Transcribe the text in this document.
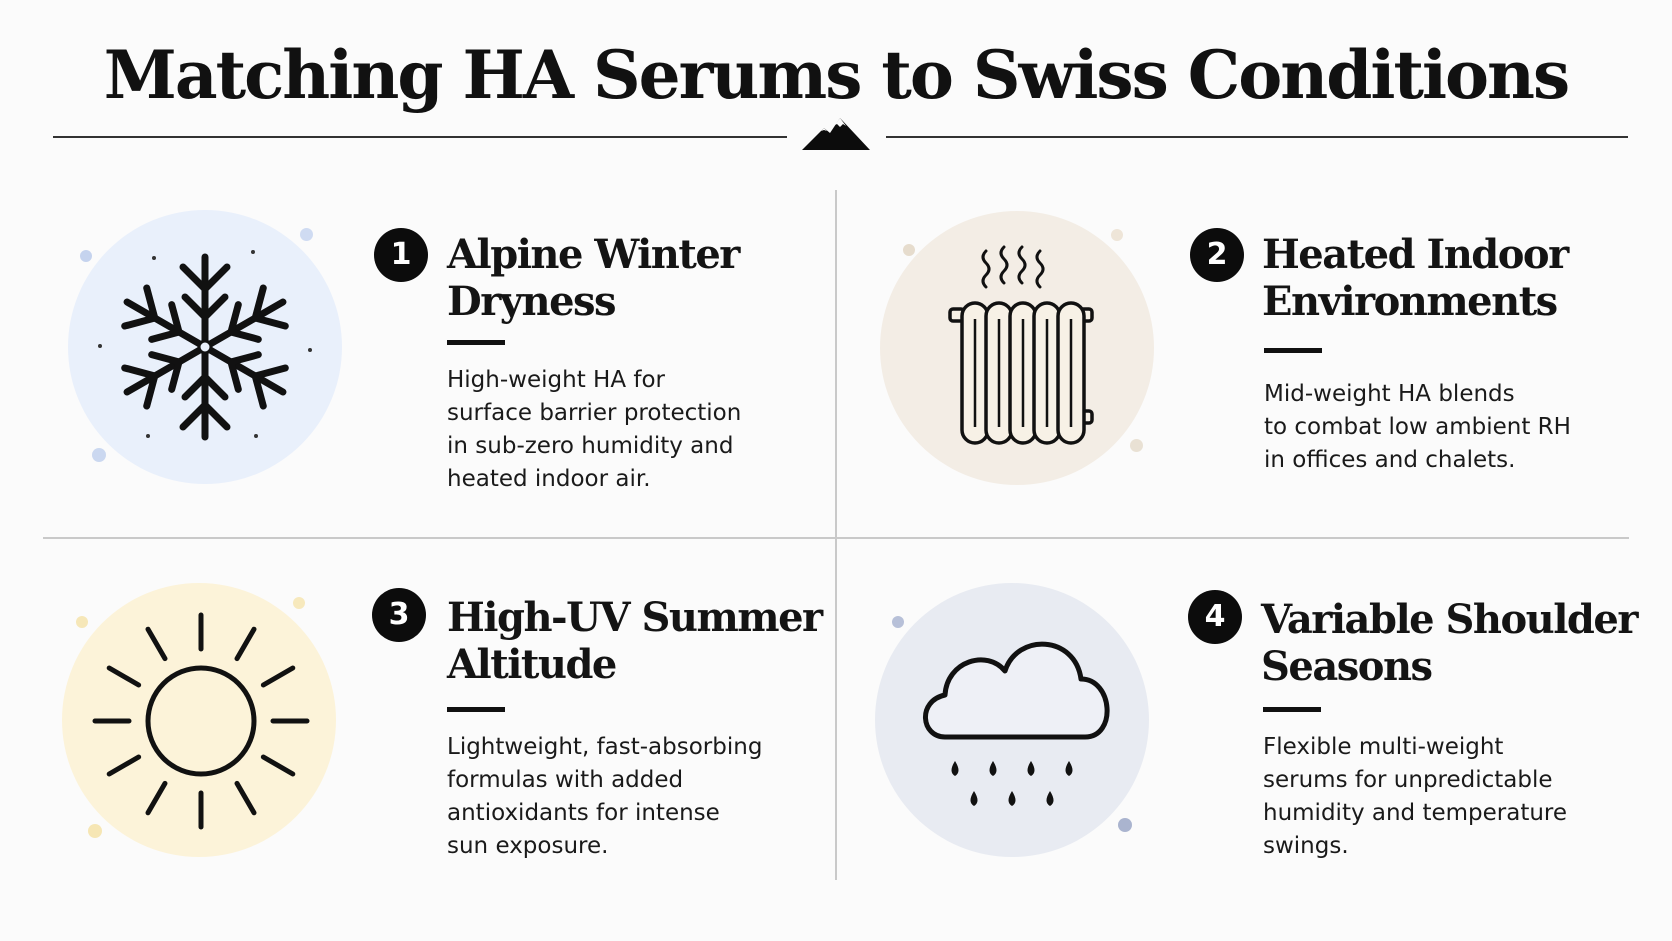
Matching HA Serums to Swiss Conditions
1 Alpine Winter
Dryness
High-weight HA for
surface barrier protection
in sub-zero humidity and
heated indoor air.
2 Heated Indoor
Environments
Mid-weight HA blends
to combat low ambient RH
in offices and chalets.
3 High-UV Summer
Altitude
Lightweight, fast-absorbing
formulas with added
antioxidants for intense
sun exposure.
4 Variable Shoulder
Seasons
Flexible multi-weight
serums for unpredictable
humidity and temperature
swings.
